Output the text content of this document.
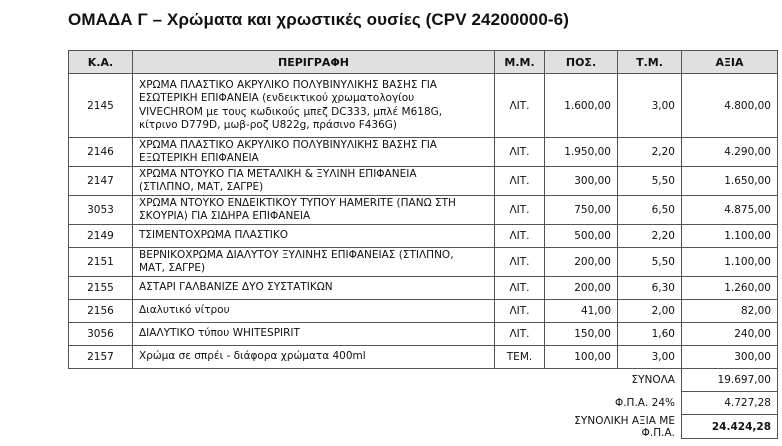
ΟΜΑΔΑ Γ – Χρώματα και χρωστικές ουσίες (CPV 24200000-6)
Κ.Α.	ΠΕΡΙΓΡΑΦΗ	Μ.Μ.	ΠΟΣ.	Τ.Μ.	ΑΞΙΑ
2145	ΧΡΩΜΑ ΠΛΑΣΤΙΚΟ ΑΚΡΥΛΙΚΟ ΠΟΛΥΒΙΝΥΛΙΚΗΣ ΒΑΣΗΣ ΓΙΑ
ΕΣΩΤΕΡΙΚΗ ΕΠΙΦΑΝΕΙΑ (ενδεικτικού χρωματολογίου
VIVECHROM με τους κωδικούς μπεζ DC333, μπλέ M618G,
κίτρινο D779D, μωβ-ροζ U822g, πράσινο F436G)	ΛΙΤ.	1.600,00	3,00	4.800,00
2146	ΧΡΩΜΑ ΠΛΑΣΤΙΚΟ ΑΚΡΥΛΙΚΟ ΠΟΛΥΒΙΝΥΛΙΚΗΣ ΒΑΣΗΣ ΓΙΑ
ΕΞΩΤΕΡΙΚΗ ΕΠΙΦΑΝΕΙΑ	ΛΙΤ.	1.950,00	2,20	4.290,00
2147	ΧΡΩΜΑ ΝΤΟΥΚΟ ΓΙΑ ΜΕΤΑΛΙΚΗ & ΞΥΛΙΝΗ ΕΠΙΦΑΝΕΙΑ
(ΣΤΙΛΠΝΟ, ΜΑΤ, ΣΑΓΡΕ)	ΛΙΤ.	300,00	5,50	1.650,00
3053	ΧΡΩΜΑ ΝΤΟΥΚΟ ΕΝΔΕΙΚΤΙΚΟΥ ΤΥΠΟΥ HAMERITE (ΠΑΝΩ ΣΤΗ
ΣΚΟΥΡΙΑ) ΓΙΑ ΣΙΔΗΡΑ ΕΠΙΦΑΝΕΙΑ	ΛΙΤ.	750,00	6,50	4.875,00
2149	ΤΣΙΜΕΝΤΟΧΡΩΜΑ ΠΛΑΣΤΙΚΟ	ΛΙΤ.	500,00	2,20	1.100,00
2151	ΒΕΡΝΙΚΟΧΡΩΜΑ ΔΙΑΛΥΤΟΥ ΞΥΛΙΝΗΣ ΕΠΙΦΑΝΕΙΑΣ (ΣΤΙΛΠΝΟ,
ΜΑΤ, ΣΑΓΡΕ)	ΛΙΤ.	200,00	5,50	1.100,00
2155	ΑΣΤΑΡΙ ΓΑΛΒΑΝΙΖΕ ΔΥΟ ΣΥΣΤΑΤΙΚΩΝ	ΛΙΤ.	200,00	6,30	1.260,00
2156	Διαλυτικό νίτρου	ΛΙΤ.	41,00	2,00	82,00
3056	ΔΙΑΛΥΤΙΚΟ τύπου WHITESPIRIT	ΛΙΤ.	150,00	1,60	240,00
2157	Χρώμα σε σπρέι - διάφορα χρώματα 400ml	ΤΕΜ.	100,00	3,00	300,00
			ΣΥΝΟΛΑ		19.697,00
			Φ.Π.Α. 24%		4.727,28
			ΣΥΝΟΛΙΚΗ ΑΞΙΑ ΜΕ Φ.Π.Α.		24.424,28
